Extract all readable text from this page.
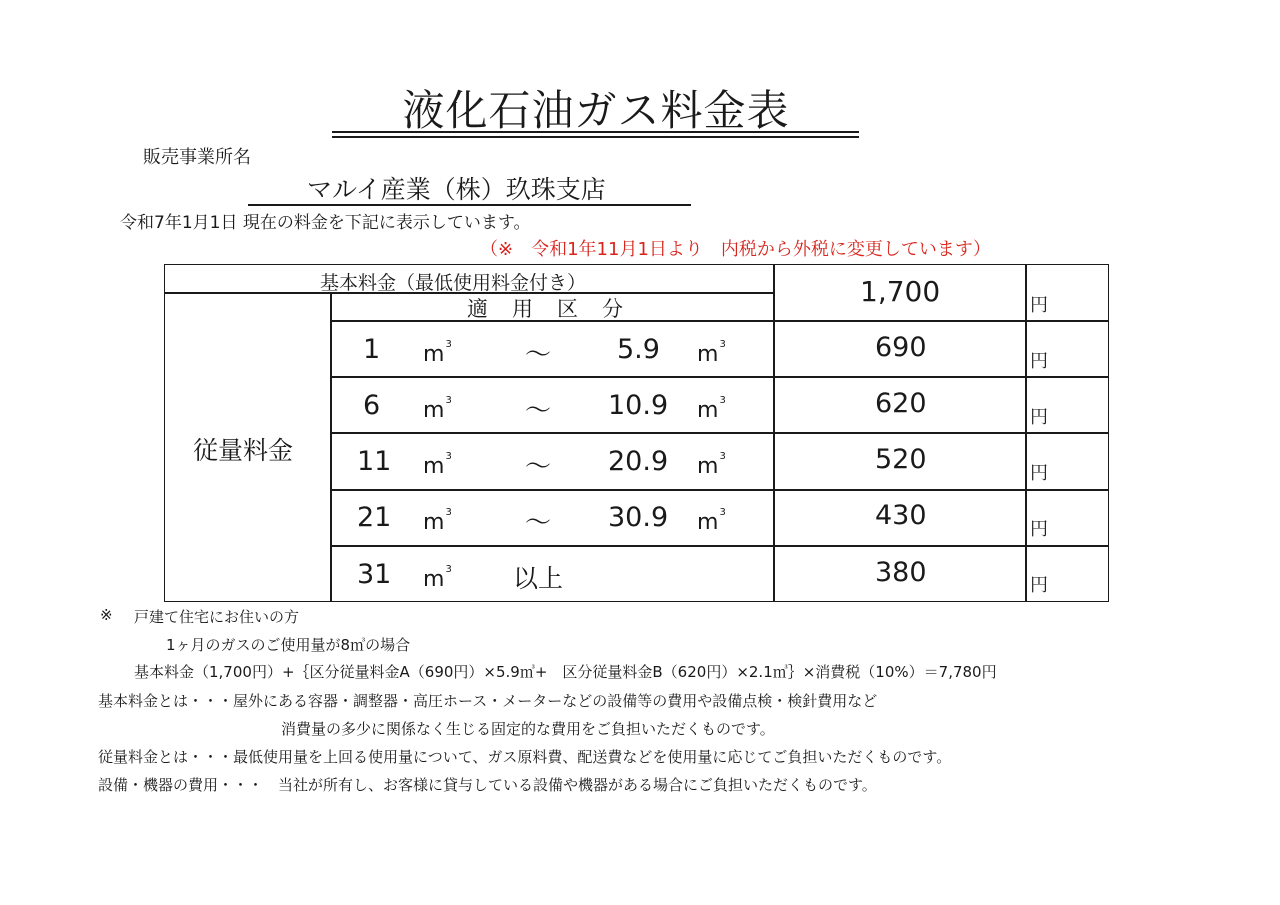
液化石油ガス料金表
販売事業所名
マルイ産業（株）玖珠支店
令和7年1月1日 現在の料金を下記に表示しています。
（※　令和1年11月1日より　内税から外税に変更しています）
基本料金（最低使用料金付き）
適用区分
1,700	円
従量料金
1 $m^3$	〜 5.9 $m^3$	690	円
6 $m^3$	〜 10.9 $m^3$	620	円
11 $m^3$	〜 20.9 $m^3$	520	円
21 $m^3$	〜 30.9 $m^3$	430	円
31 $m^3$ 以上	380	円
※ 戸建て住宅にお住いの方
1ヶ月のガスのご使用量が8㎥の場合
基本料金（1,700円）+｛区分従量料金A（690円）×5.9㎥+　区分従量料金B（620円）×2.1㎥｝×消費税（10%）＝7,780円
基本料金とは・・・屋外にある容器・調整器・高圧ホース・メーターなどの設備等の費用や設備点検・検針費用など
消費量の多少に関係なく生じる固定的な費用をご負担いただくものです。
従量料金とは・・・最低使用量を上回る使用量について、ガス原料費、配送費などを使用量に応じてご負担いただくものです。
設備・機器の費用・・・　当社が所有し、お客様に貸与している設備や機器がある場合にご負担いただくものです。
